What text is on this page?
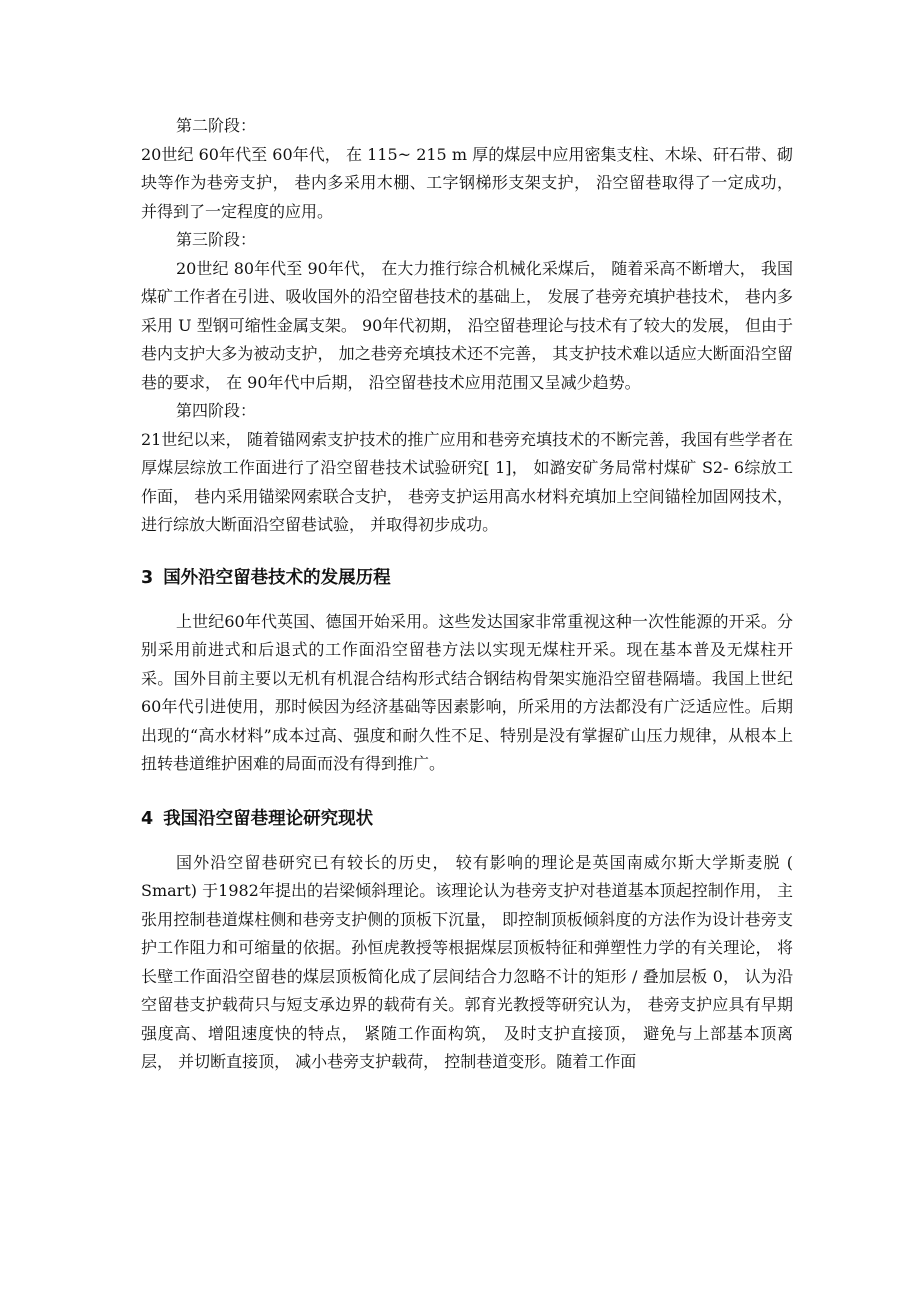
第二阶段：

20世纪 60年代至 60年代， 在 115~ 215 m 厚的煤层中应用密集支柱、木垛、矸石带、砌块等作为巷旁支护， 巷内多采用木棚、工字钢梯形支架支护， 沿空留巷取得了一定成功， 并得到了一定程度的应用。

第三阶段：

20世纪 80年代至 90年代， 在大力推行综合机械化采煤后， 随着采高不断增大， 我国煤矿工作者在引进、吸收国外的沿空留巷技术的基础上， 发展了巷旁充填护巷技术， 巷内多采用 U 型钢可缩性金属支架。 90年代初期， 沿空留巷理论与技术有了较大的发展， 但由于巷内支护大多为被动支护， 加之巷旁充填技术还不完善， 其支护技术难以适应大断面沿空留巷的要求， 在 90年代中后期， 沿空留巷技术应用范围又呈减少趋势。

第四阶段：

21世纪以来， 随着锚网索支护技术的推广应用和巷旁充填技术的不断完善，我国有些学者在厚煤层综放工作面进行了沿空留巷技术试验研究[ 1]， 如潞安矿务局常村煤矿 S2- 6综放工作面， 巷内采用锚梁网索联合支护， 巷旁支护运用高水材料充填加上空间锚栓加固网技术， 进行综放大断面沿空留巷试验， 并取得初步成功。

3 国外沿空留巷技术的发展历程

上世纪60年代英国、德国开始采用。这些发达国家非常重视这种一次性能源的开采。分别采用前进式和后退式的工作面沿空留巷方法以实现无煤柱开采。现在基本普及无煤柱开采。国外目前主要以无机有机混合结构形式结合钢结构骨架实施沿空留巷隔墙。我国上世纪60年代引进使用，那时候因为经济基础等因素影响，所采用的方法都没有广泛适应性。后期出现的“高水材料”成本过高、强度和耐久性不足、特别是没有掌握矿山压力规律，从根本上扭转巷道维护困难的局面而没有得到推广。

4 我国沿空留巷理论研究现状

国外沿空留巷研究已有较长的历史， 较有影响的理论是英国南威尔斯大学斯麦脱 ( Smart) 于1982年提出的岩梁倾斜理论。该理论认为巷旁支护对巷道基本顶起控制作用， 主张用控制巷道煤柱侧和巷旁支护侧的顶板下沉量， 即控制顶板倾斜度的方法作为设计巷旁支护工作阻力和可缩量的依据。孙恒虎教授等根据煤层顶板特征和弹塑性力学的有关理论， 将长壁工作面沿空留巷的煤层顶板简化成了层间结合力忽略不计的矩形 / 叠加层板 0， 认为沿空留巷支护载荷只与短支承边界的载荷有关。郭育光教授等研究认为， 巷旁支护应具有早期强度高、增阻速度快的特点， 紧随工作面构筑， 及时支护直接顶， 避免与上部基本顶离层， 并切断直接顶， 减小巷旁支护载荷， 控制巷道变形。随着工作面
